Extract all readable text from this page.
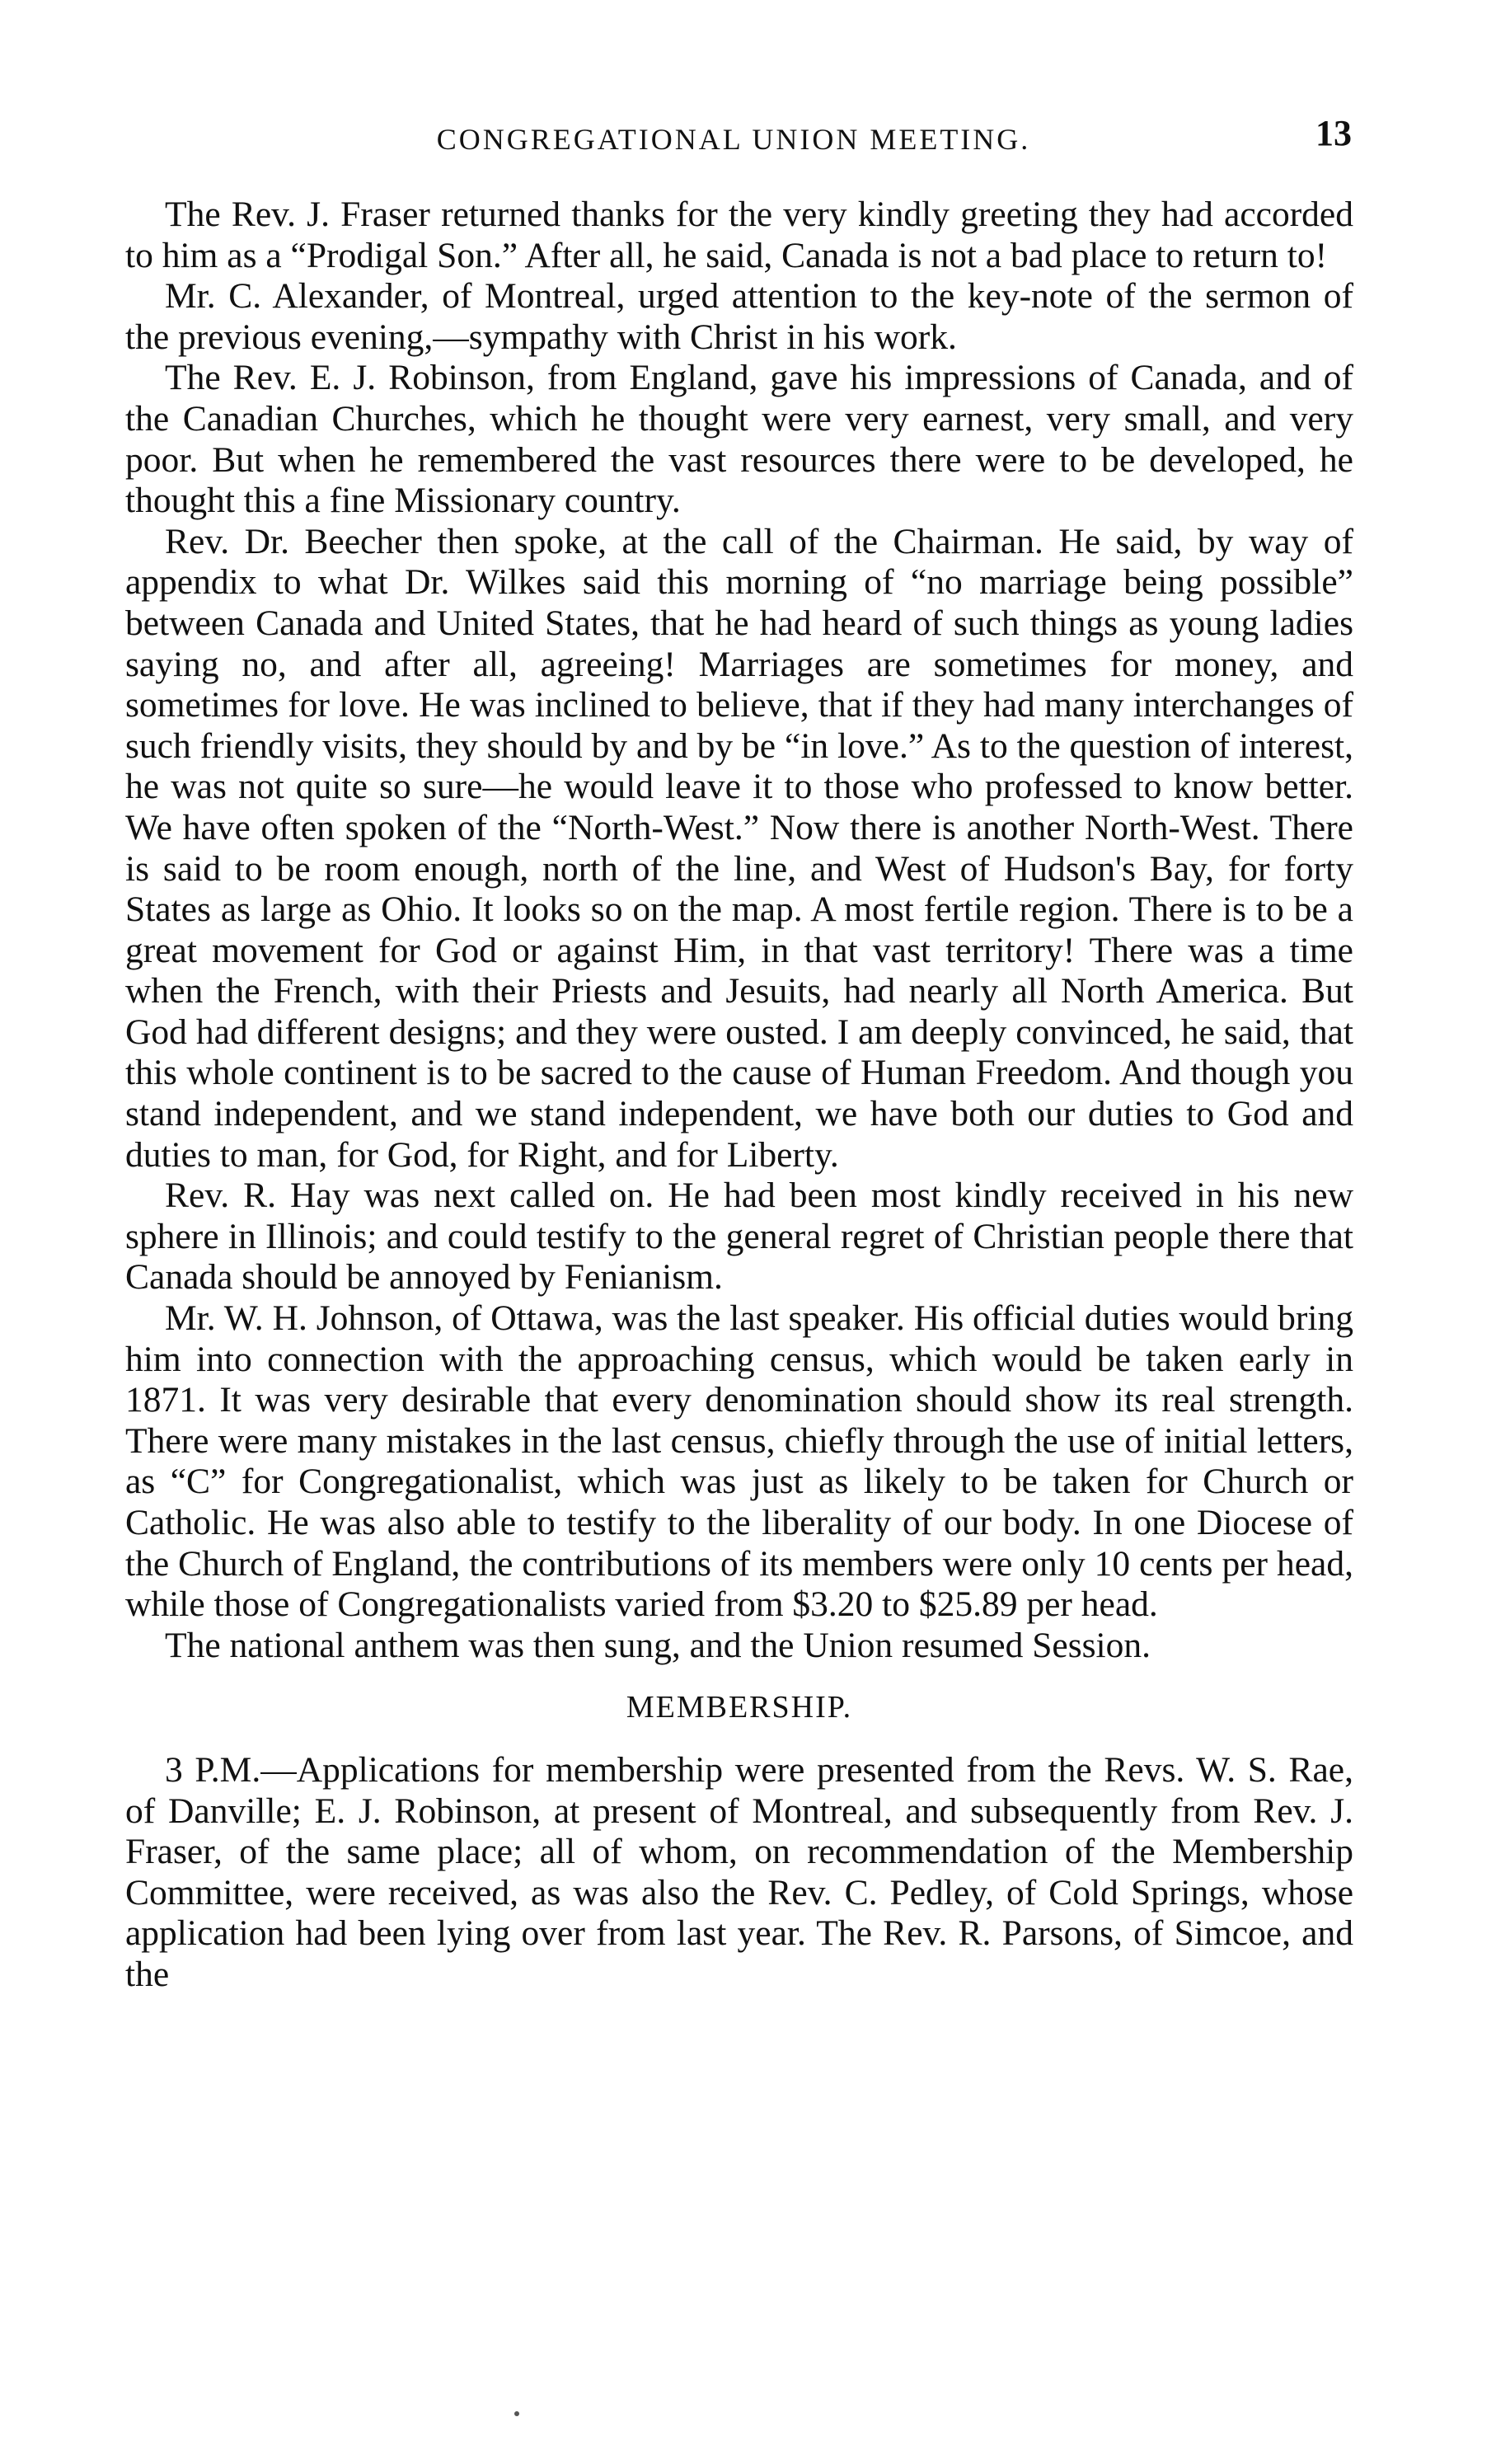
CONGREGATIONAL UNION MEETING.	13

The Rev. J. Fraser returned thanks for the very kindly greeting they had accorded to him as a “Prodigal Son.” After all, he said, Canada is not a bad place to return to!

Mr. C. Alexander, of Montreal, urged attention to the key-note of the sermon of the previous evening,—sympathy with Christ in his work.

The Rev. E. J. Robinson, from England, gave his impressions of Canada, and of the Canadian Churches, which he thought were very earnest, very small, and very poor. But when he remembered the vast resources there were to be developed, he thought this a fine Missionary country.

Rev. Dr. Beecher then spoke, at the call of the Chairman. He said, by way of appendix to what Dr. Wilkes said this morning of “no marriage being possible” between Canada and United States, that he had heard of such things as young ladies saying no, and after all, agreeing! Marriages are sometimes for money, and sometimes for love. He was inclined to believe, that if they had many interchanges of such friendly visits, they should by and by be “in love.” As to the question of interest, he was not quite so sure—he would leave it to those who professed to know better. We have often spoken of the “North-West.” Now there is another North-West. There is said to be room enough, north of the line, and West of Hudson's Bay, for forty States as large as Ohio. It looks so on the map. A most fertile region. There is to be a great movement for God or against Him, in that vast territory! There was a time when the French, with their Priests and Jesuits, had nearly all North America. But God had different designs; and they were ousted. I am deeply convinced, he said, that this whole continent is to be sacred to the cause of Human Freedom. And though you stand independent, and we stand independent, we have both our duties to God and duties to man, for God, for Right, and for Liberty.

Rev. R. Hay was next called on. He had been most kindly received in his new sphere in Illinois; and could testify to the general regret of Christian people there that Canada should be annoyed by Fenianism.

Mr. W. H. Johnson, of Ottawa, was the last speaker. His official duties would bring him into connection with the approaching census, which would be taken early in 1871. It was very desirable that every denomination should show its real strength. There were many mistakes in the last census, chiefly through the use of initial letters, as “C” for Congregationalist, which was just as likely to be taken for Church or Catholic. He was also able to testify to the liberality of our body. In one Diocese of the Church of England, the contributions of its members were only 10 cents per head, while those of Congregationalists varied from $3.20 to $25.89 per head.

The national anthem was then sung, and the Union resumed Session.

MEMBERSHIP.

3 P.M.—Applications for membership were presented from the Revs. W. S. Rae, of Danville; E. J. Robinson, at present of Montreal, and subsequently from Rev. J. Fraser, of the same place; all of whom, on recommendation of the Membership Committee, were received, as was also the Rev. C. Pedley, of Cold Springs, whose application had been lying over from last year. The Rev. R. Parsons, of Simcoe, and the
